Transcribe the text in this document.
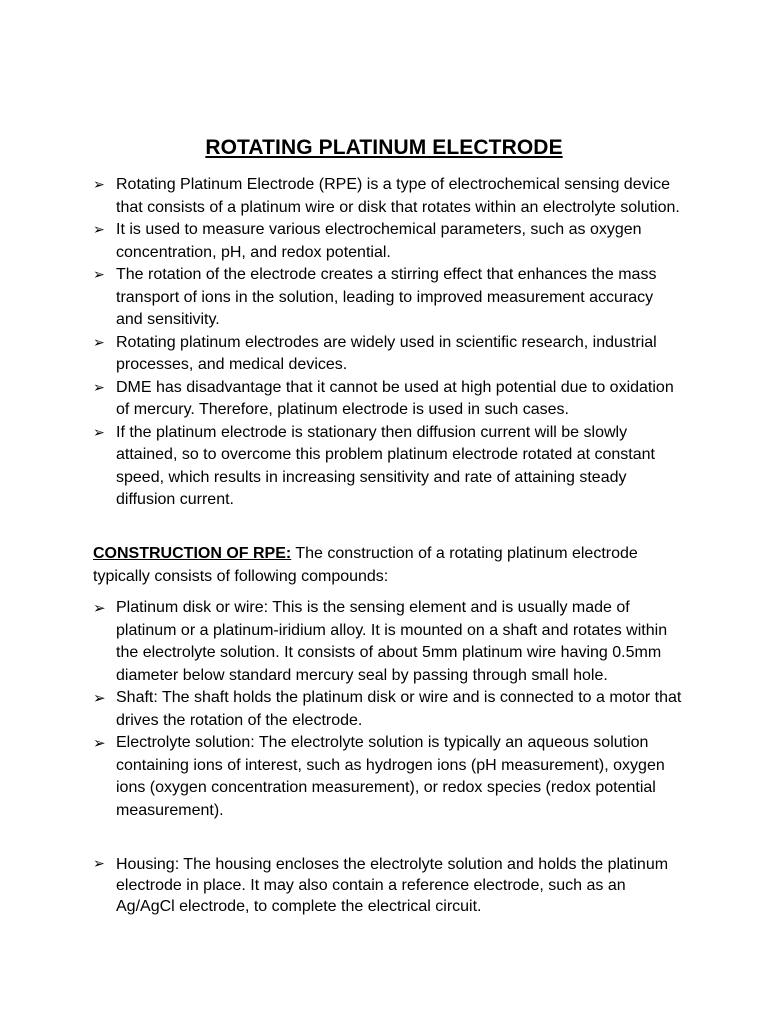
ROTATING PLATINUM ELECTRODE
➢ Rotating Platinum Electrode (RPE) is a type of electrochemical sensing device that consists of a platinum wire or disk that rotates within an electrolyte solution.
➢ It is used to measure various electrochemical parameters, such as oxygen concentration, pH, and redox potential.
➢ The rotation of the electrode creates a stirring effect that enhances the mass transport of ions in the solution, leading to improved measurement accuracy and sensitivity.
➢ Rotating platinum electrodes are widely used in scientific research, industrial processes, and medical devices.
➢ DME has disadvantage that it cannot be used at high potential due to oxidation of mercury. Therefore, platinum electrode is used in such cases.
➢ If the platinum electrode is stationary then diffusion current will be slowly attained, so to overcome this problem platinum electrode rotated at constant speed, which results in increasing sensitivity and rate of attaining steady diffusion current.

CONSTRUCTION OF RPE: The construction of a rotating platinum electrode typically consists of following compounds:

➢ Platinum disk or wire: This is the sensing element and is usually made of platinum or a platinum-iridium alloy. It is mounted on a shaft and rotates within the electrolyte solution. It consists of about 5mm platinum wire having 0.5mm diameter below standard mercury seal by passing through small hole.
➢ Shaft: The shaft holds the platinum disk or wire and is connected to a motor that drives the rotation of the electrode.
➢ Electrolyte solution: The electrolyte solution is typically an aqueous solution containing ions of interest, such as hydrogen ions (pH measurement), oxygen ions (oxygen concentration measurement), or redox species (redox potential measurement).
➢ Housing: The housing encloses the electrolyte solution and holds the platinum electrode in place. It may also contain a reference electrode, such as an Ag/AgCl electrode, to complete the electrical circuit.
